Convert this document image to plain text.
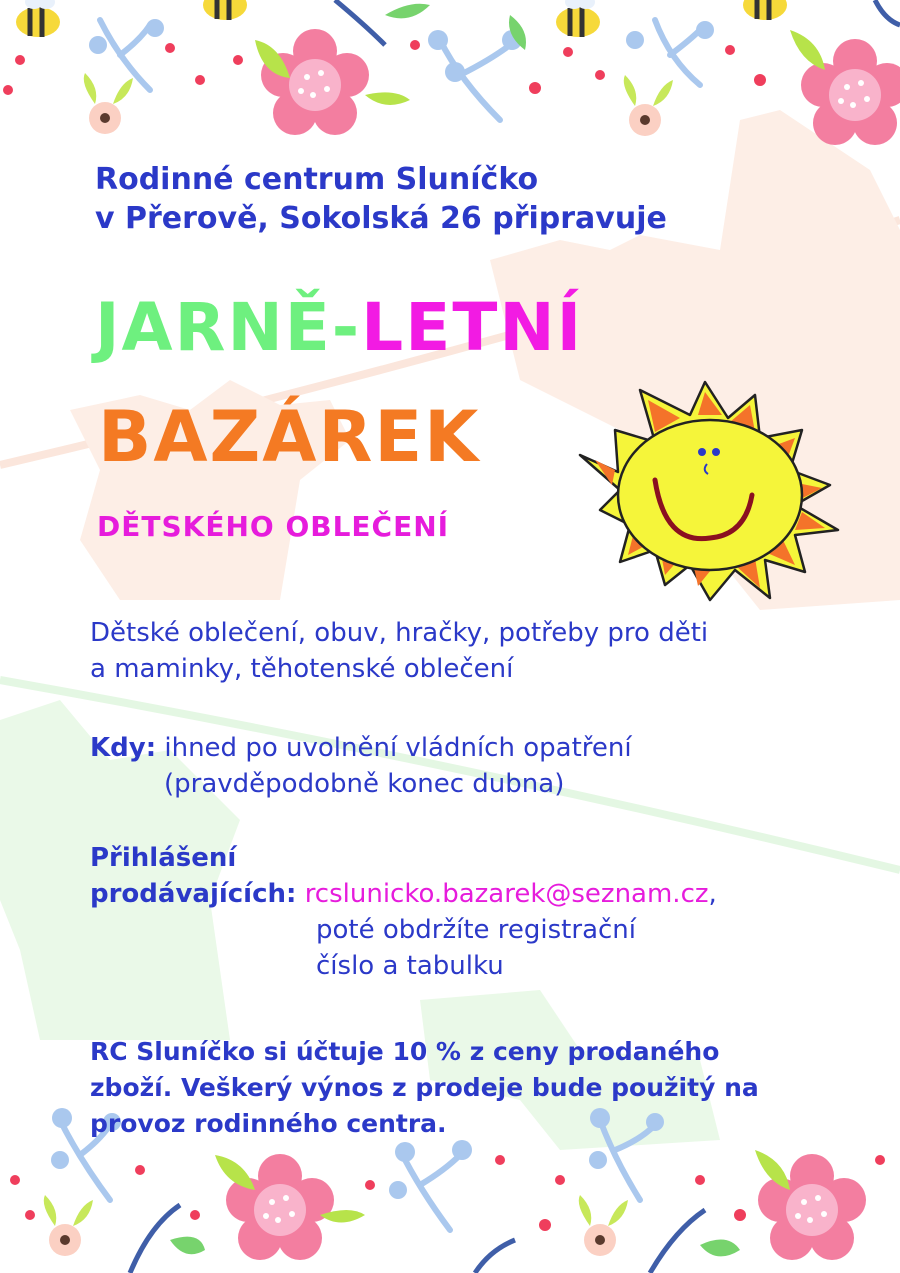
Rodinné centrum Sluníčko
v Přerově, Sokolská 26 připravuje
JARNĚ-LETNÍ
BAZÁREK
DĚTSKÉHO OBLEČENÍ
Dětské oblečení, obuv, hračky, potřeby pro děti
a maminky, těhotenské oblečení
Kdy: ihned po uvolnění vládních opatření
(pravděpodobně konec dubna)
Přihlášení
prodávajících: rcslunicko.bazarek@seznam.cz,
poté obdržíte registrační
číslo a tabulku
RC Sluníčko si účtuje 10 % z ceny prodaného
zboží. Veškerý výnos z prodeje bude použitý na
provoz rodinného centra.
